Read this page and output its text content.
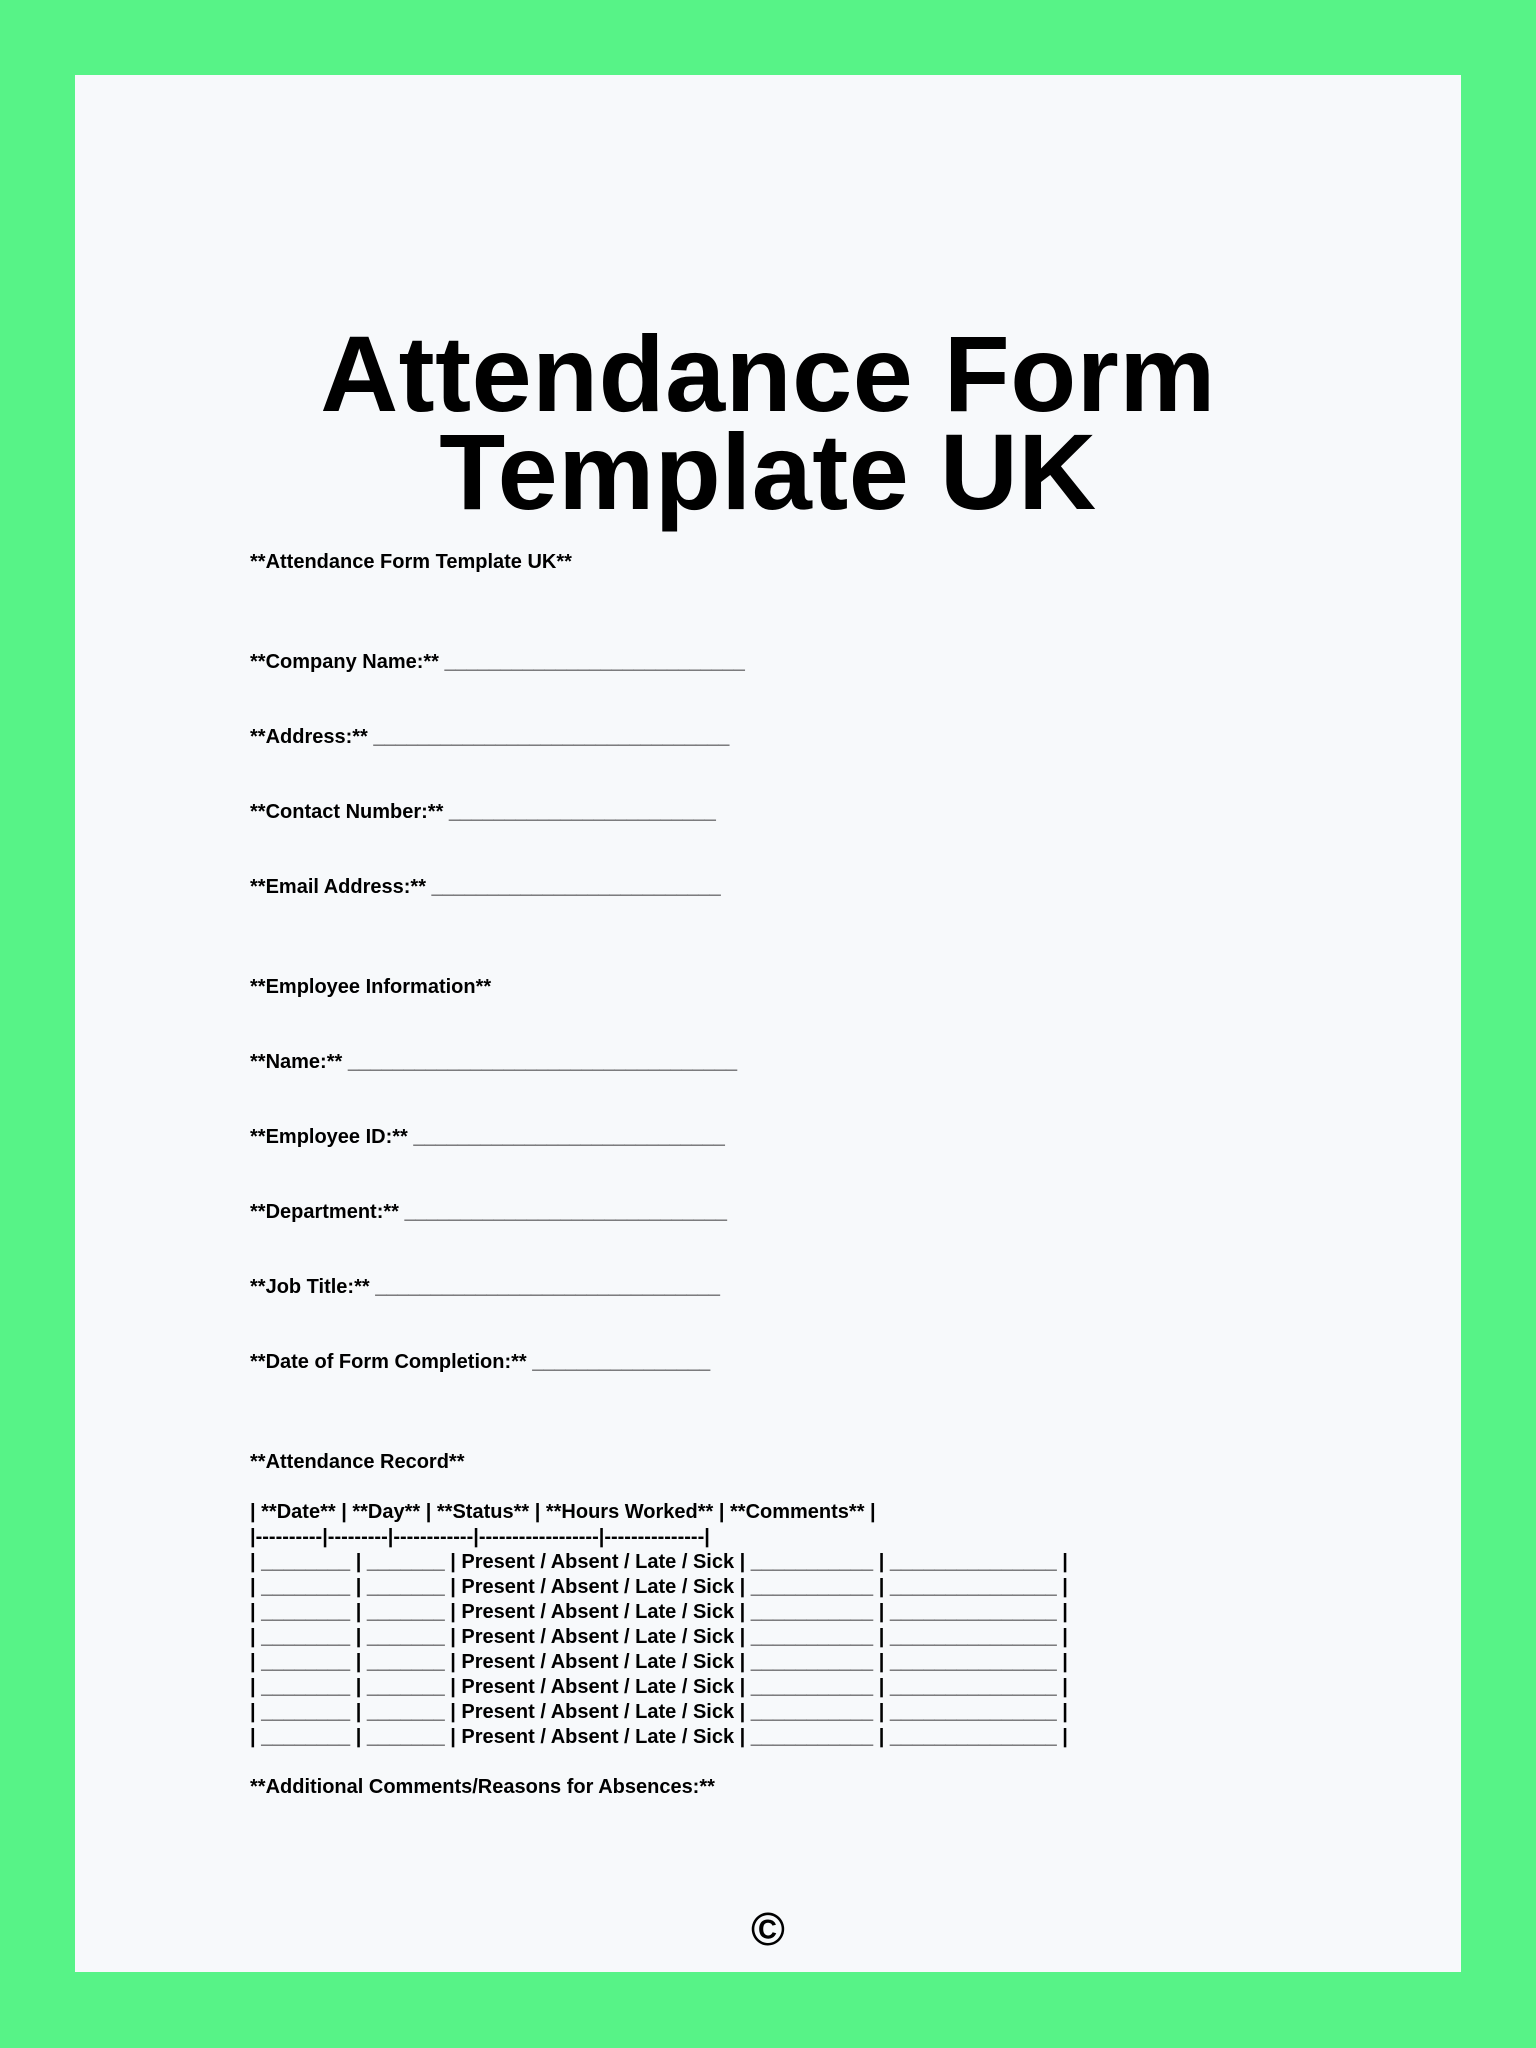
Attendance Form Template UK
**Attendance Form Template UK**
**Company Name:** ___________________________
**Address:** ________________________________
**Contact Number:** ________________________
**Email Address:** __________________________
**Employee Information**
**Name:** ___________________________________
**Employee ID:** ____________________________
**Department:** _____________________________
**Job Title:** _______________________________
**Date of Form Completion:** ________________
**Attendance Record**
| **Date** | **Day** | **Status** | **Hours Worked** | **Comments** |
|----------|---------|------------|------------------|---------------|
| ________ | _______ | Present / Absent / Late / Sick | ___________ | _______________ |
| ________ | _______ | Present / Absent / Late / Sick | ___________ | _______________ |
| ________ | _______ | Present / Absent / Late / Sick | ___________ | _______________ |
| ________ | _______ | Present / Absent / Late / Sick | ___________ | _______________ |
| ________ | _______ | Present / Absent / Late / Sick | ___________ | _______________ |
| ________ | _______ | Present / Absent / Late / Sick | ___________ | _______________ |
| ________ | _______ | Present / Absent / Late / Sick | ___________ | _______________ |
| ________ | _______ | Present / Absent / Late / Sick | ___________ | _______________ |
**Additional Comments/Reasons for Absences:**
©
